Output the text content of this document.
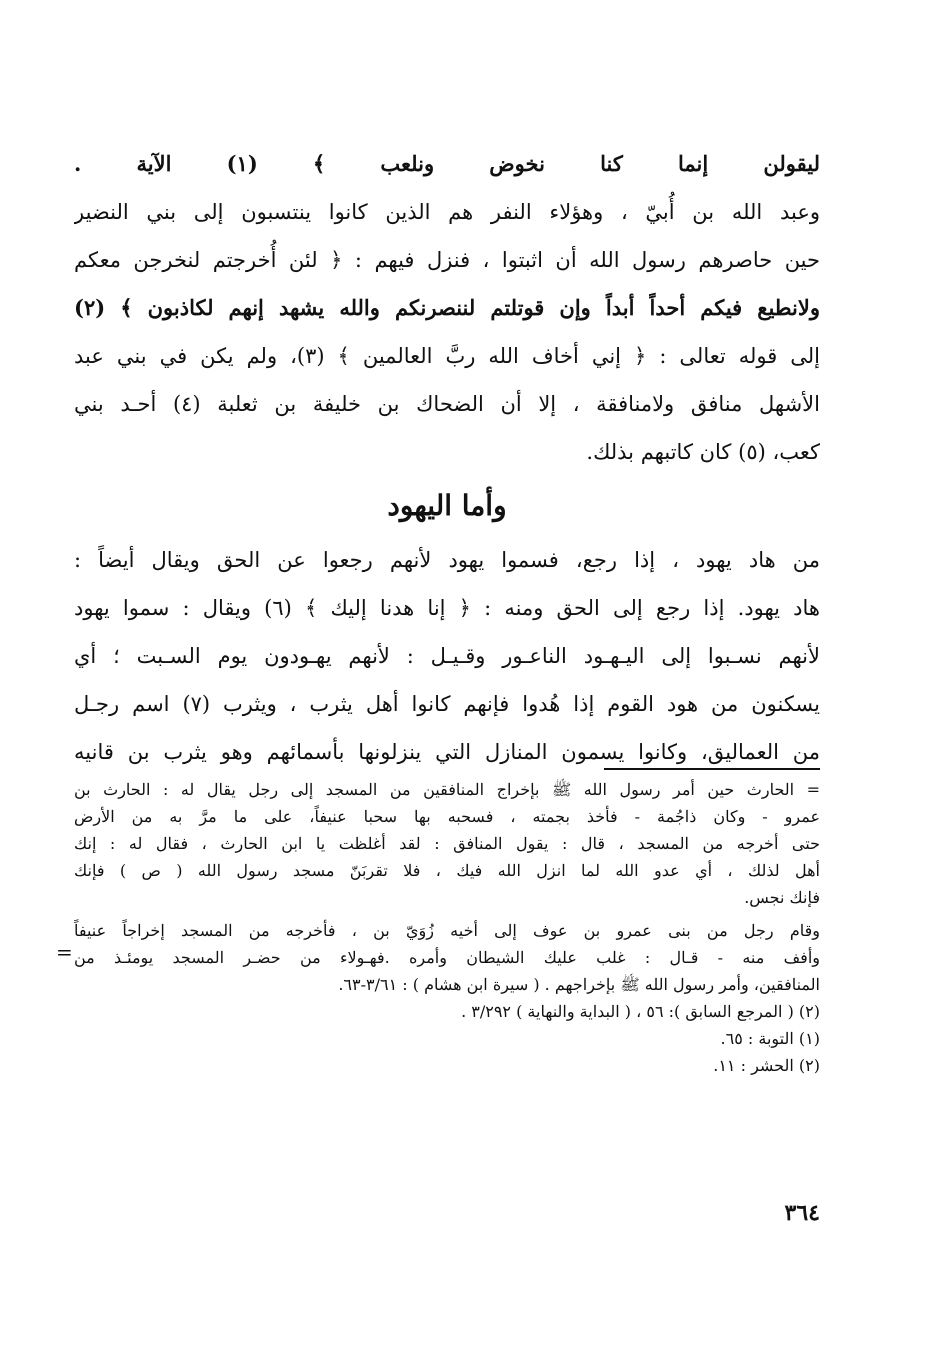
ليقولن إنما كنا نخوض ونلعب ﴾ (١) الآية .
وعبد الله بن أُبيّ ، وهؤلاء النفر هم الذين كانوا ينتسبون إلى بني النضير
حين حاصرهم رسول الله أن اثبتوا ، فنزل فيهم : ﴿ لئن أُخرجتم لنخرجن معكم
ولانطيع فيكم أحداً أبداً وإن قوتلتم لننصرنكم والله يشهد إنهم لكاذبون ﴾ (٢)
إلى قوله تعالى : ﴿ إني أخاف الله ربَّ العالمين ﴾ (٣)، ولم يكن في بني عبد
الأشهل منافق ولامنافقة ، إلا أن الضحاك بن خليفة بن ثعلبة (٤) أحـد بني
كعب، (٥) كان كاتبهم بذلك.
وأما اليهود
من هاد يهود ، إذا رجع، فسموا يهود لأنهم رجعوا عن الحق ويقال أيضاً :
هاد يهود. إذا رجع إلى الحق ومنه : ﴿ إنا هدنا إليك ﴾ (٦) ويقال : سموا يهود
لأنهم نسـبوا إلى اليـهـود الناعـور وقـيـل : لأنهم يهـودون يوم السـبت ؛ أي
يسكنون من هود القوم إذا هُدوا فإنهم كانوا أهل يثرب ، ويثرب (٧) اسم رجـل
من العماليق، وكانوا يسمون المنازل التي ينزلونها بأسمائهم وهو يثرب بن قانيه
= الحارث حين أمر رسول الله ﷺ بإخراج المنافقين من المسجد إلى رجل يقال له : الحارث بن
عمرو - وكان ذاجُمة - فأخذ بجمته ، فسحبه بها سحبا عنيفاً، على ما مرَّ به من الأرض
حتى أخرجه من المسجد ، قال : يقول المنافق : لقد أغلظت يا ابن الحارث ، فقال له : إنك
أهل لذلك ، أي عدو الله لما انزل الله فيك ، فلا تقربَنّ مسجد رسول الله ( ص ) فإنك
فإنك نجس.
وقام رجل من بنى عمرو بن عوف إلى أخيه زُوَيّ بن ، فأخرجه من المسجد إخراجاً عنيفاً
وأفف منه - قـال : غلب عليك الشيطان وأمره .فهـولاء من حضـر المسجد يومئـذ من
المنافقين، وأمر رسول الله ﷺ بإخراجهم . ( سيرة ابن هشام ) : ٣/٦١-٦٣.
(٢) ( المرجع السابق ): ٥٦ ، ( البداية والنهاية ) ٣/٢٩٢ .
(١) التوبة : ٦٥.
(٢) الحشر : ١١.
=
٣٦٤
